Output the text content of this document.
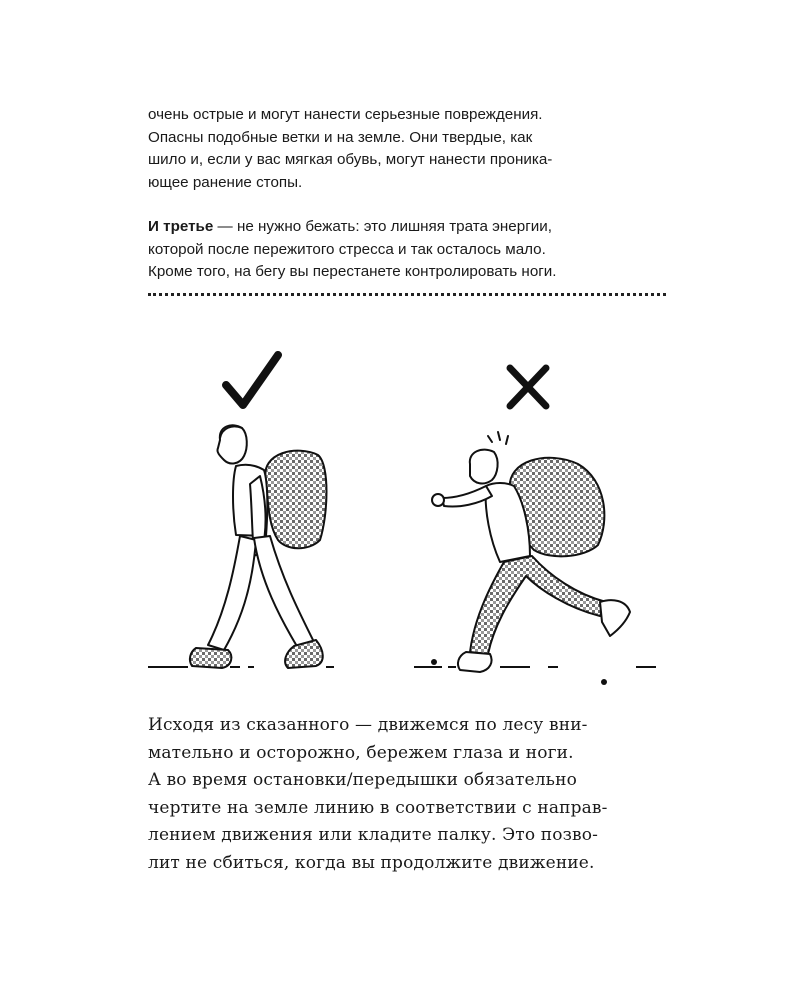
очень острые и могут нанести серьезные повреждения.

Опасны подобные ветки и на земле. Они твердые, как

шило и, если у вас мягкая обувь, могут нанести проника-

ющее ранение стопы.

И третье — не нужно бежать: это лишняя трата энергии,

которой после пережитого стресса и так осталось мало.

Кроме того, на бегу вы перестанете контролировать ноги.

Исходя из сказанного — движемся по лесу вни-

мательно и осторожно, бережем глаза и ноги.

А во время остановки/передышки обязательно

чертите на земле линию в соответствии с направ-

лением движения или кладите палку. Это позво-

лит не сбиться, когда вы продолжите движение.
